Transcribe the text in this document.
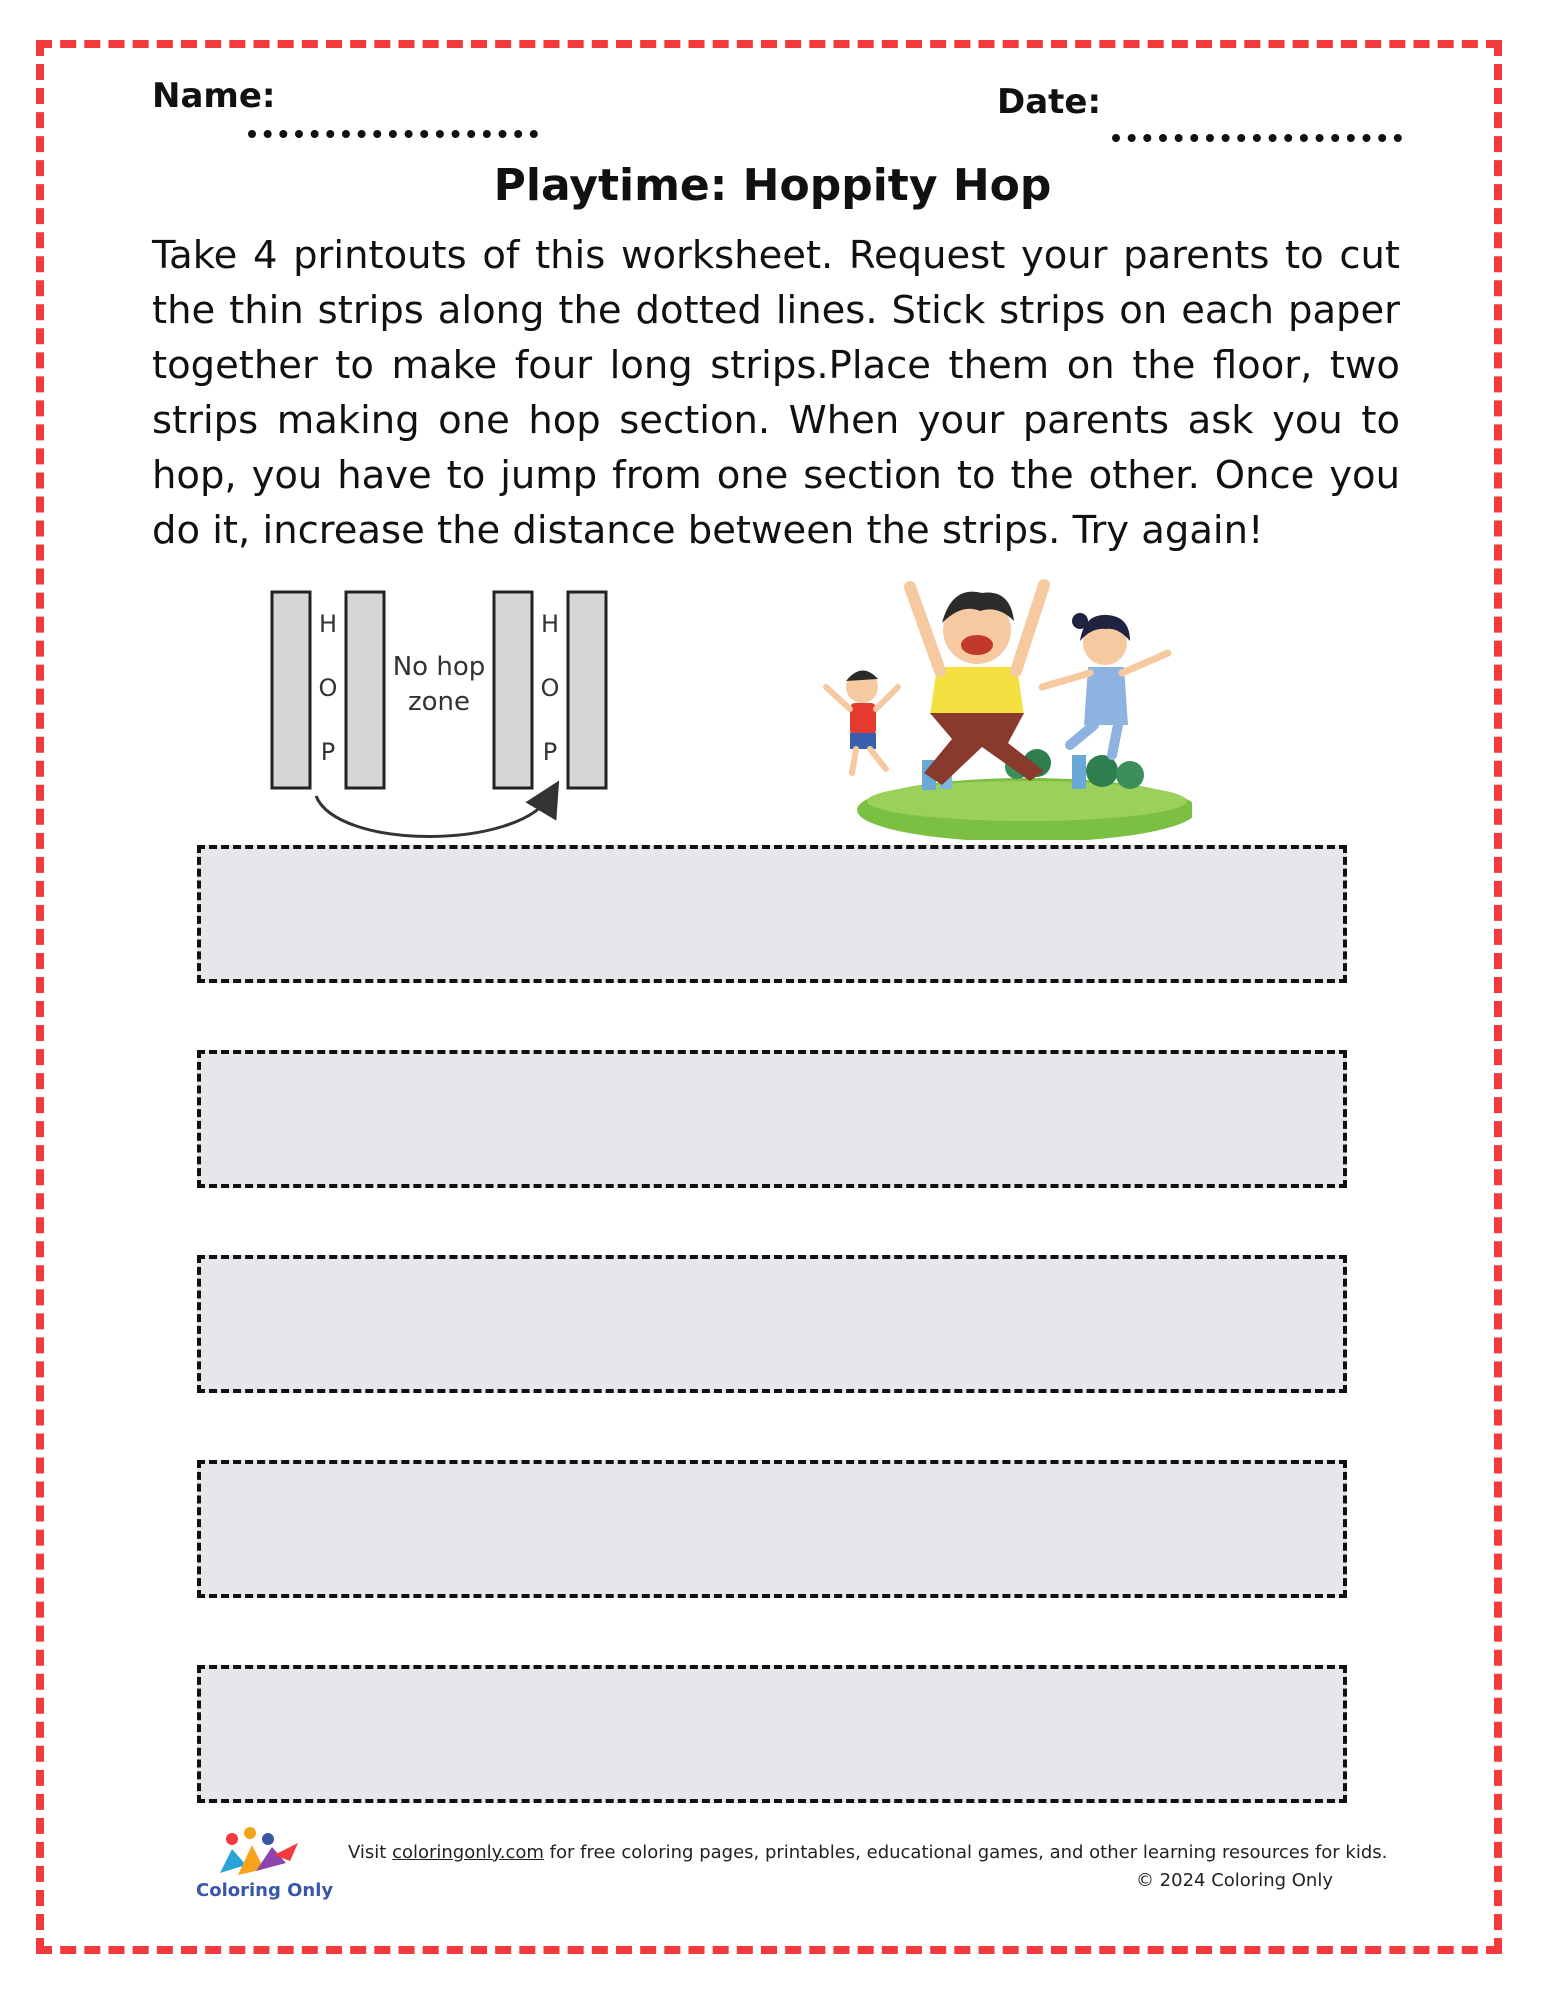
Name:	Date:
Playtime: Hoppity Hop
Take 4 printouts of this worksheet. Request your parents to cut the thin strips along the dotted lines. Stick strips on each paper together to make four long strips.Place them on the floor, two strips making one hop section. When your parents ask you to hop, you have to jump from one section to the other. Once you do it, increase the distance between the strips. Try again!
H
O
P
H
O
P
No hop
zone
Coloring Only
Visit coloringonly.com for free coloring pages, printables, educational games, and other learning resources for kids.
© 2024 Coloring Only
